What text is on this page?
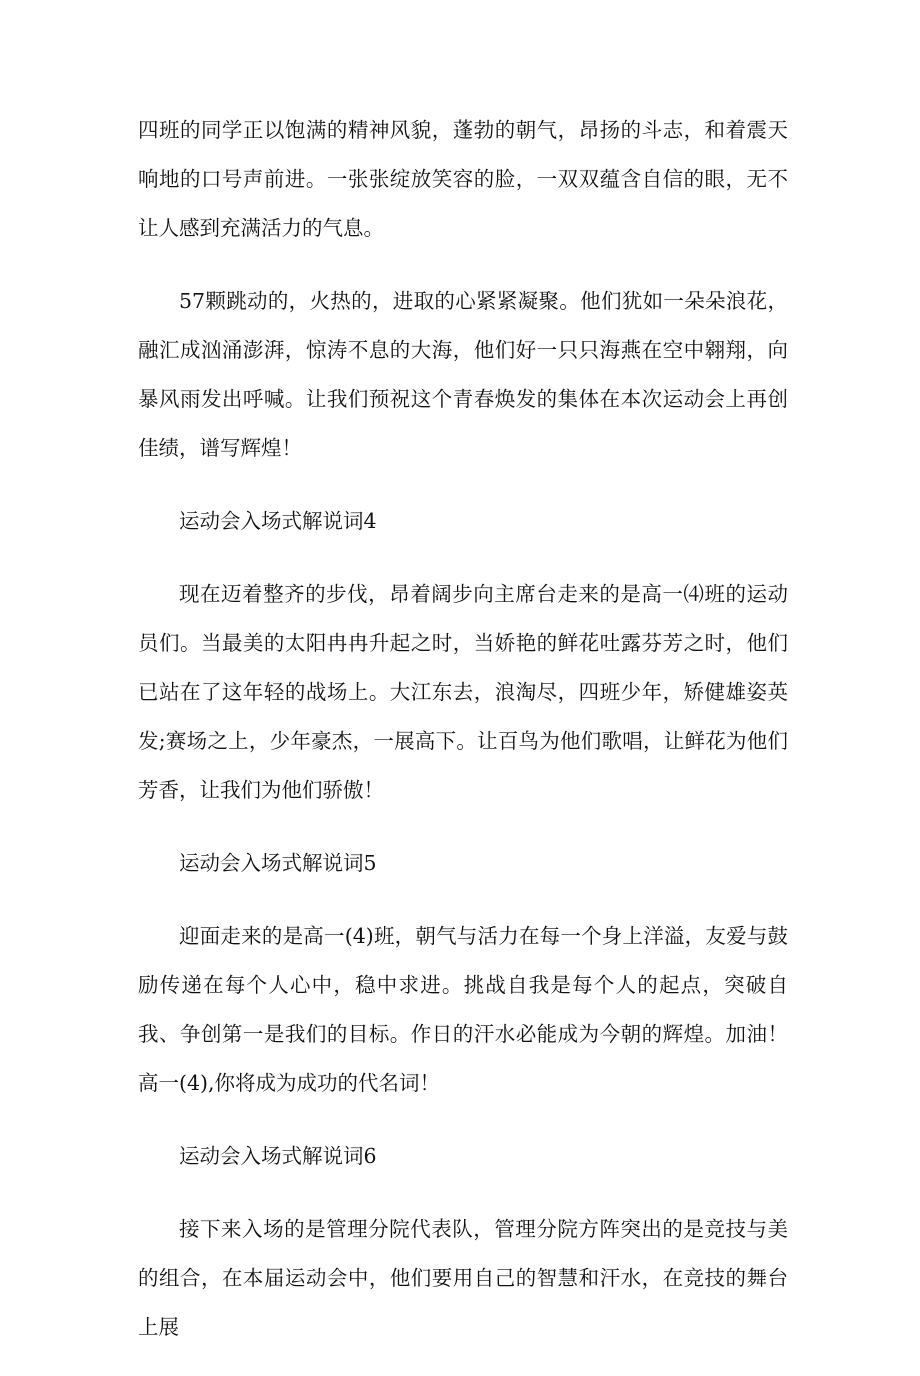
四班的同学正以饱满的精神风貌，蓬勃的朝气，昂扬的斗志，和着震天响地的口号声前进。一张张绽放笑容的脸，一双双蕴含自信的眼，无不让人感到充满活力的气息。

57颗跳动的，火热的，进取的心紧紧凝聚。他们犹如一朵朵浪花，融汇成汹涌澎湃，惊涛不息的大海，他们好一只只海燕在空中翱翔，向暴风雨发出呼喊。让我们预祝这个青春焕发的集体在本次运动会上再创佳绩，谱写辉煌！

运动会入场式解说词4

现在迈着整齐的步伐，昂着阔步向主席台走来的是高一⑷班的运动员们。当最美的太阳冉冉升起之时，当娇艳的鲜花吐露芬芳之时，他们已站在了这年轻的战场上。大江东去，浪淘尽，四班少年，矫健雄姿英发;赛场之上，少年豪杰，一展高下。让百鸟为他们歌唱，让鲜花为他们芳香，让我们为他们骄傲！

运动会入场式解说词5

迎面走来的是高一(4)班，朝气与活力在每一个身上洋溢，友爱与鼓励传递在每个人心中，稳中求进。挑战自我是每个人的起点，突破自我、争创第一是我们的目标。作日的汗水必能成为今朝的辉煌。加油！高一(4),你将成为成功的代名词！

运动会入场式解说词6

接下来入场的是管理分院代表队，管理分院方阵突出的是竞技与美的组合，在本届运动会中，他们要用自己的智慧和汗水，在竞技的舞台上展
